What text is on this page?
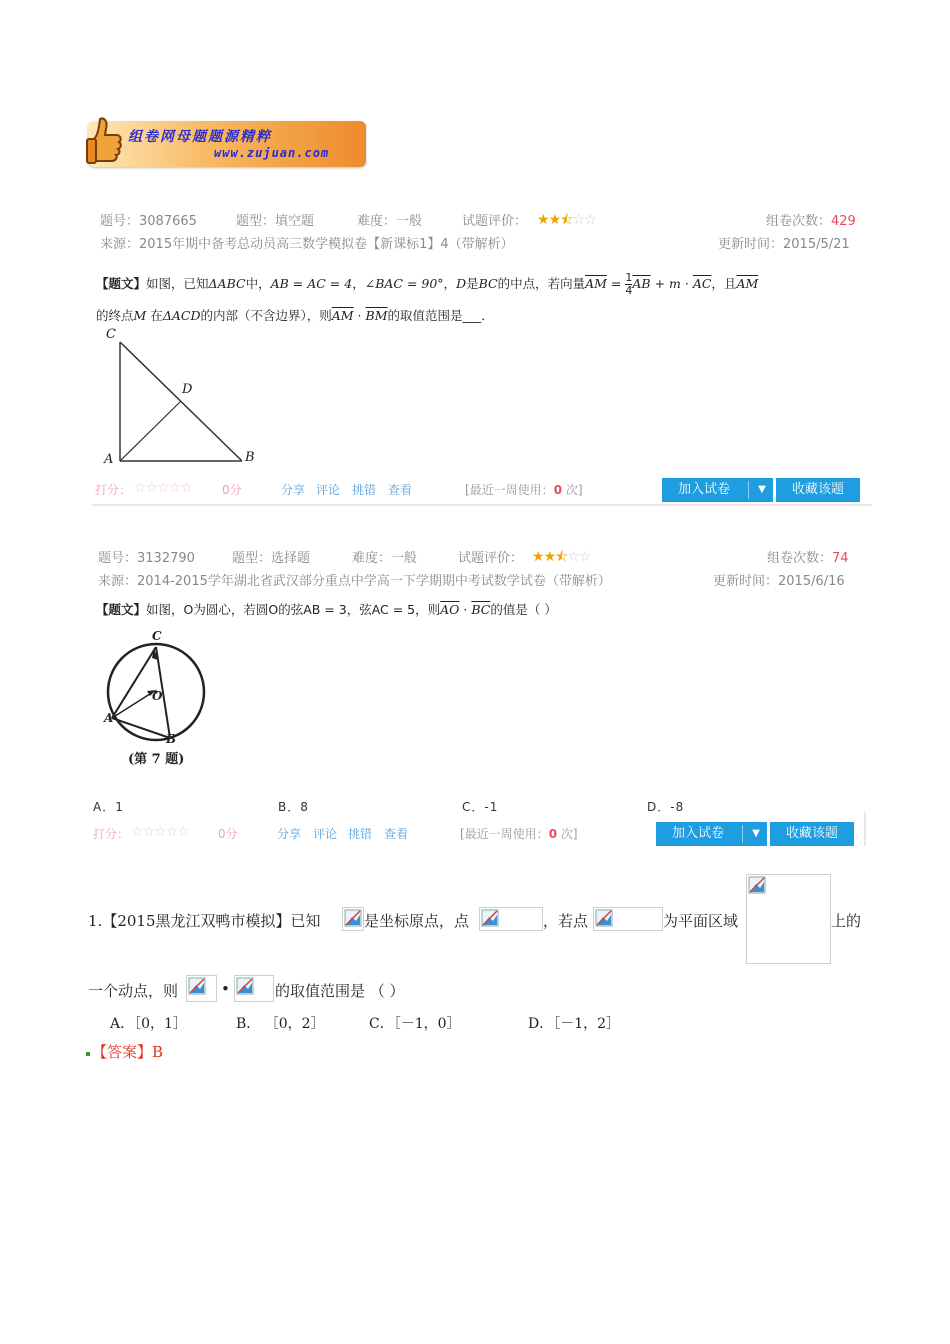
组卷网母题题源精粹
www.zujuan.com
题号：3087665	题型：填空题	难度：一般	试题评价： ★★⯪☆☆	组卷次数：429
来源：2015年期中备考总动员高三数学模拟卷【新课标1】4（带解析）	更新时间：2015/5/21
【题文】如图，已知ΔABC中，AB = AC = 4，∠BAC = 90°，D是BC的中点，若向量$\overline{AM} = \frac{1}{4} \overline{AB} + m \cdot \overline{AC}$，且$\overline{AM}$
的终点M 在ΔACD的内部（不含边界），则$\overline{AM} \cdot \overline{BM}$的取值范围是___．
C
D
A	B
打分： ☆☆☆☆☆	0分	分享 评论 挑错 查看	[最近一周使用：0 次]	加入试卷	▼	收藏该题
题号：3132790	题型：选择题	难度：一般	试题评价： ★★⯪☆☆	组卷次数：74
来源：2014-2015学年湖北省武汉部分重点中学高一下学期期中考试数学试卷（带解析）	更新时间：2015/6/16
【题文】如图，O为圆心，若圆O的弦AB = 3，弦AC = 5，则$\overline{AO} \cdot \overline{BC}$的值是（ ）
C
O
A
B
(第 7 题)
A．1	B．8	C．-1	D．-8
打分： ☆☆☆☆☆ 0分	分享 评论 挑错 查看	[最近一周使用：0 次]	加入试卷	▼	收藏该题
1.【2015黑龙江双鸭市模拟】已知	是坐标原点，点	，若点	为平面区域	上的
一个动点，则	•	的取值范围是 （ ）
A．［0，1］	B． ［0，2］	C．［－1，0］	D．［－1，2］
【答案】B
